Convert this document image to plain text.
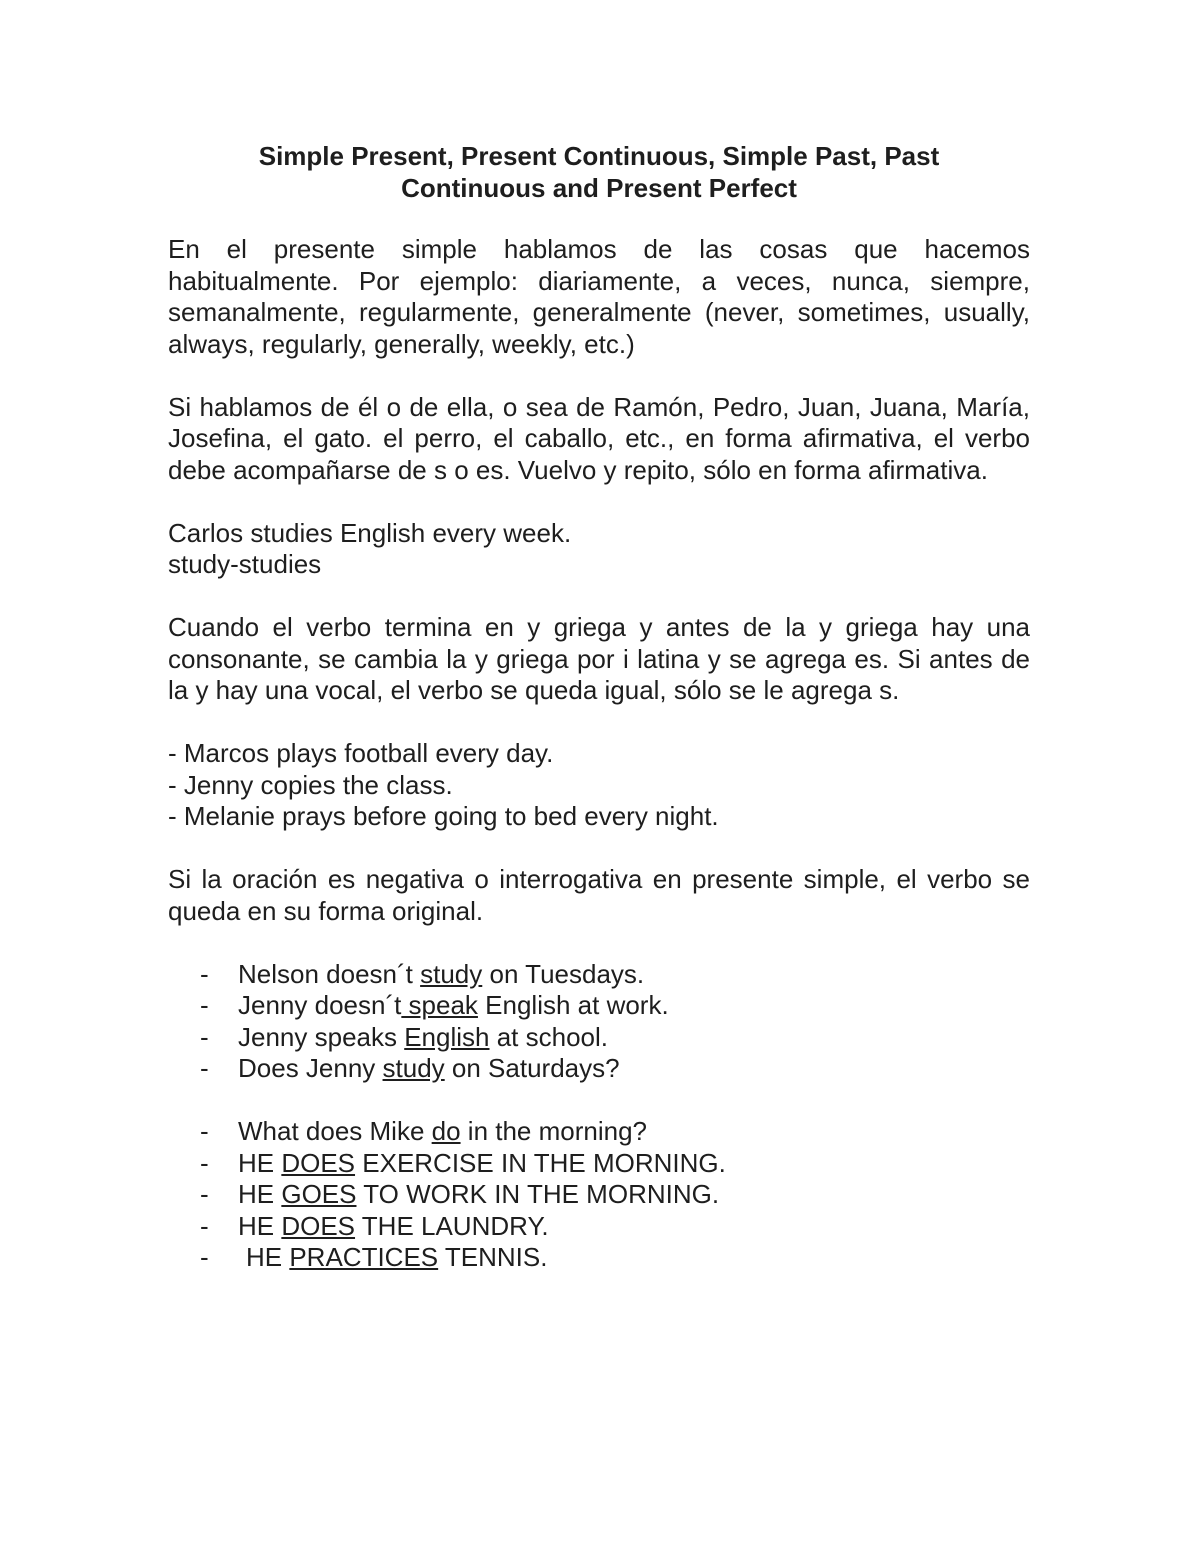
Simple Present, Present Continuous, Simple Past, Past
Continuous and Present Perfect

En el presente simple hablamos de las cosas que hacemos habitualmente. Por ejemplo: diariamente, a veces, nunca, siempre, semanalmente, regularmente, generalmente (never, sometimes, usually, always, regularly, generally, weekly, etc.)

Si hablamos de él o de ella, o sea de Ramón, Pedro, Juan, Juana, María, Josefina, el gato. el perro, el caballo, etc., en forma afirmativa, el verbo debe acompañarse de s o es. Vuelvo y repito, sólo en forma afirmativa.

Carlos studies English every week.

study-studies

Cuando el verbo termina en y griega y antes de la y griega hay una consonante, se cambia la y griega por i latina y se agrega es. Si antes de la y hay una vocal, el verbo se queda igual, sólo se le agrega s.

- Marcos plays football every day.

- Jenny copies the class.

- Melanie prays before going to bed every night.

Si la oración es negativa o interrogativa en presente simple, el verbo se queda en su forma original.

-	Nelson doesn´t study on Tuesdays.
-	Jenny doesn´t speak English at work.
-	Jenny speaks English at school.
-	Does Jenny study on Saturdays?
-	What does Mike do in the morning?
-	HE DOES EXERCISE IN THE MORNING.
-	HE GOES TO WORK IN THE MORNING.
-	HE DOES THE LAUNDRY.
-	HE PRACTICES TENNIS.
